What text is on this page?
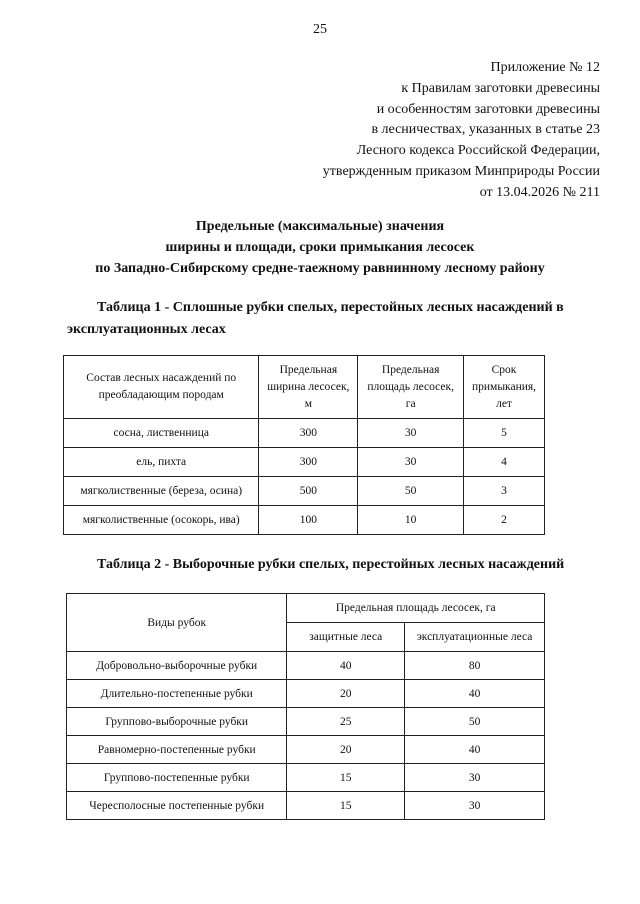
25
Приложение № 12
к Правилам заготовки древесины
и особенностям заготовки древесины
в лесничествах, указанных в статье 23
Лесного кодекса Российской Федерации,
утвержденным приказом Минприроды России
от 13.04.2026 № 211
Предельные (максимальные) значения
ширины и площади, сроки примыкания лесосек
по Западно-Сибирскому средне-таежному равнинному лесному району
Таблица 1 - Сплошные рубки спелых, перестойных лесных насаждений в эксплуатационных лесах
Состав лесных насаждений по преобладающим породам	Предельная ширина лесосек, м	Предельная площадь лесосек, га	Срок примыкания, лет
сосна, лиственница	300	30	5
ель, пихта	300	30	4
мягколиственные (береза, осина)	500	50	3
мягколиственные (осокорь, ива)	100	10	2
Таблица 2 - Выборочные рубки спелых, перестойных лесных насаждений
Виды рубок	Предельная площадь лесосек, га	
	защитные леса	эксплуатационные леса
Добровольно-выборочные рубки	40	80
Длительно-постепенные рубки	20	40
Группово-выборочные рубки	25	50
Равномерно-постепенные рубки	20	40
Группово-постепенные рубки	15	30
Чересполосные постепенные рубки	15	30
